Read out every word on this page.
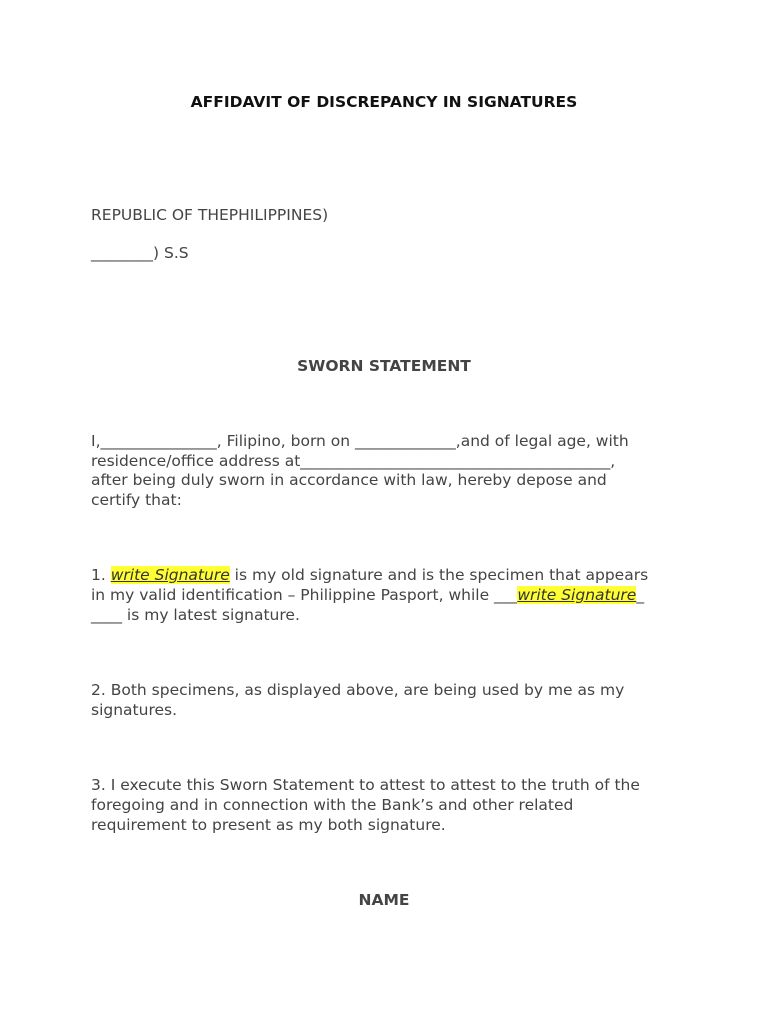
AFFIDAVIT OF DISCREPANCY IN SIGNATURES

REPUBLIC OF THEPHILIPPINES)

________) S.S

SWORN STATEMENT

I,_______________, Filipino, born on _____________,and of legal age, with

residence/office address at________________________________________,

after being duly sworn in accordance with law, hereby depose and

certify that:

1. write Signature is my old signature and is the specimen that appears

in my valid identification – Philippine Pasport, while ___write Signature_

____ is my latest signature.

2. Both specimens, as displayed above, are being used by me as my

signatures.

3. I execute this Sworn Statement to attest to attest to the truth of the

foregoing and in connection with the Bank’s and other related

requirement to present as my both signature.

NAME
